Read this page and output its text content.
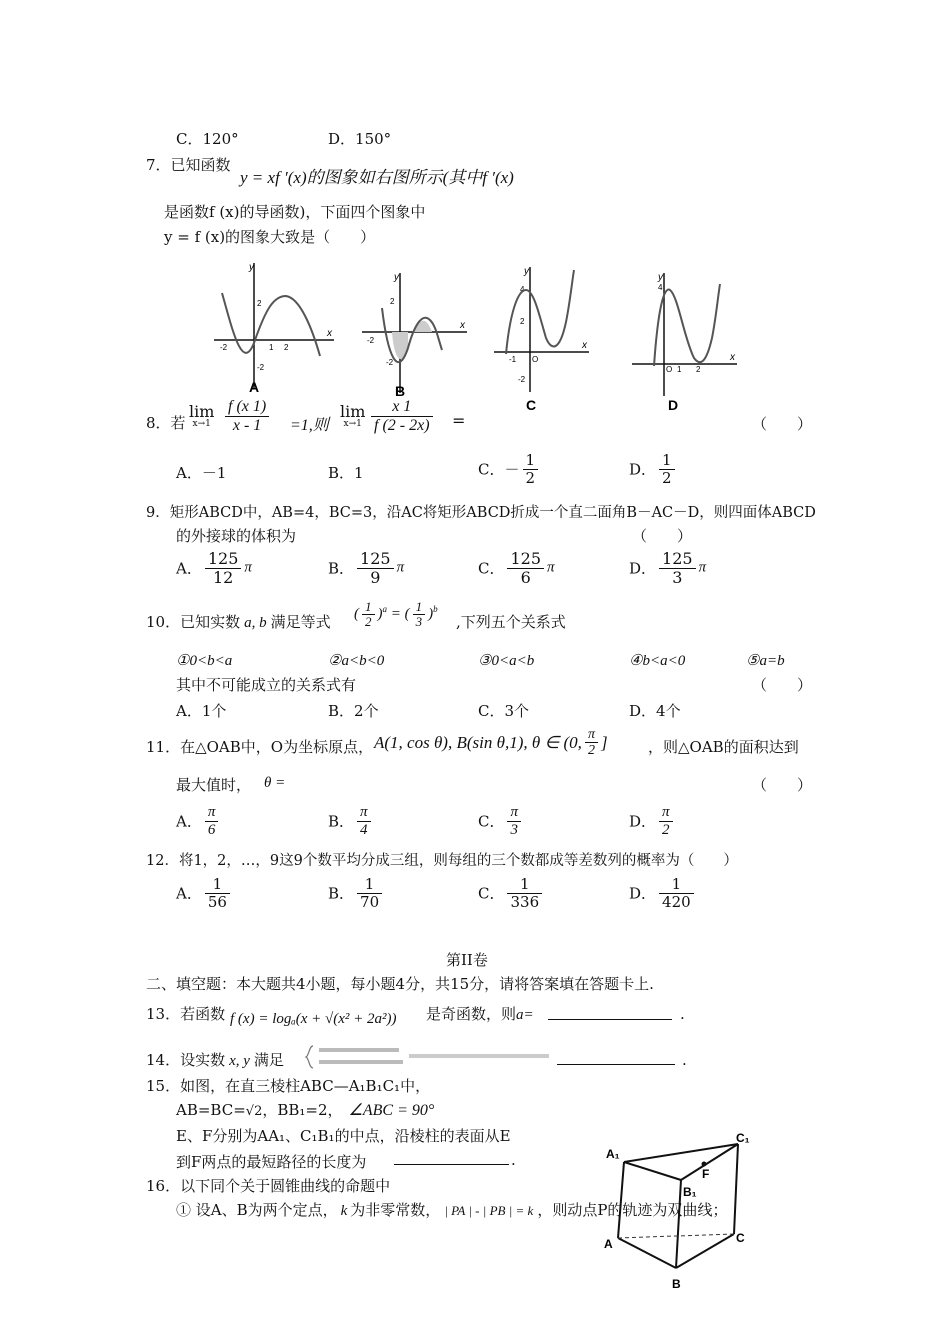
C．120°	D．150°
7．已知函数
y = xf ′(x)的图象如右图所示(其中f ′(x)
是函数f (x)的导函数)，下面四个图象中
y = f (x)的图象大致是（　　）
y
x
2
-2
-2	1 2
A
y
x
2
-2
-2
B
y
x
4
2
-2
-1 O
C
y
x
4
O 1 2
D
8．若
lim
$x\to 1 \frac{f (x 1)}{x - 1} =1$,则
lim
$x\to 1 \frac{x 1}{f (2 - 2x)}$ =	（　　）
A．－1	B．1	C．－ $\frac{1}{2}$	D． $\frac{1}{2}$
9．矩形ABCD中，AB=4，BC=3，沿AC将矩形ABCD折成一个直二面角B－AC－D，则四面体ABCD
的外接球的体积为	（　　）
A． $\frac{125}{12}$ π	B． $\frac{125}{9}$ π	C． $\frac{125}{6}$ π	D． $\frac{125}{3}$ π
10．已知实数 a, b 满足等式 ( $\frac{1}{2} )^a$ = ( $\frac{1}{3} )^b$
,下列五个关系式
①0<b<a	②a<b<0	③0<a<b	④b<a<0	⑤a=b
其中不可能成立的关系式有	（　　）
A．1个	B．2个	C．3个	D．4个
11．在△OAB中，O为坐标原点， A(1, cos θ), B(sin θ,1), θ ∈ (0, $\frac{\pi}{2}$ ]	，则△OAB的面积达到
最大值时， θ =	（　　）
A． $\frac{\pi}{6}$	B． $\frac{\pi}{4}$	C． $\frac{\pi}{3}$	D． $\frac{\pi}{2}$
12．将1，2，…，9这9个数平均分成三组，则每组的三个数都成等差数列的概率为（　　）
A． $\frac{1}{56}$	B． $\frac{1}{70}$	C． $\frac{1}{336}$	D． $\frac{1}{420}$
第II卷
二、填空题：本大题共4小题，每小题4分，共15分，请将答案填在答题卡上.
13．若函数 f (x) = logₐ(x + √(x² + 2a²)) 是奇函数，则a=	.
14．设实数 x, y 满足	.
15．如图，在直三棱柱ABC—A₁B₁C₁中，
AB=BC=√2，BB₁=2， ∠ABC = 90°
E、F分别为AA₁、C₁B₁的中点，沿棱柱的表面从E
到F两点的最短路径的长度为	.	A₁
C₁
F
B₁
A	C
B
16．以下同个关于圆锥曲线的命题中
① 设A、B为两个定点， k 为非零常数， | PA | - | PB | = k ，则动点P的轨迹为双曲线；
